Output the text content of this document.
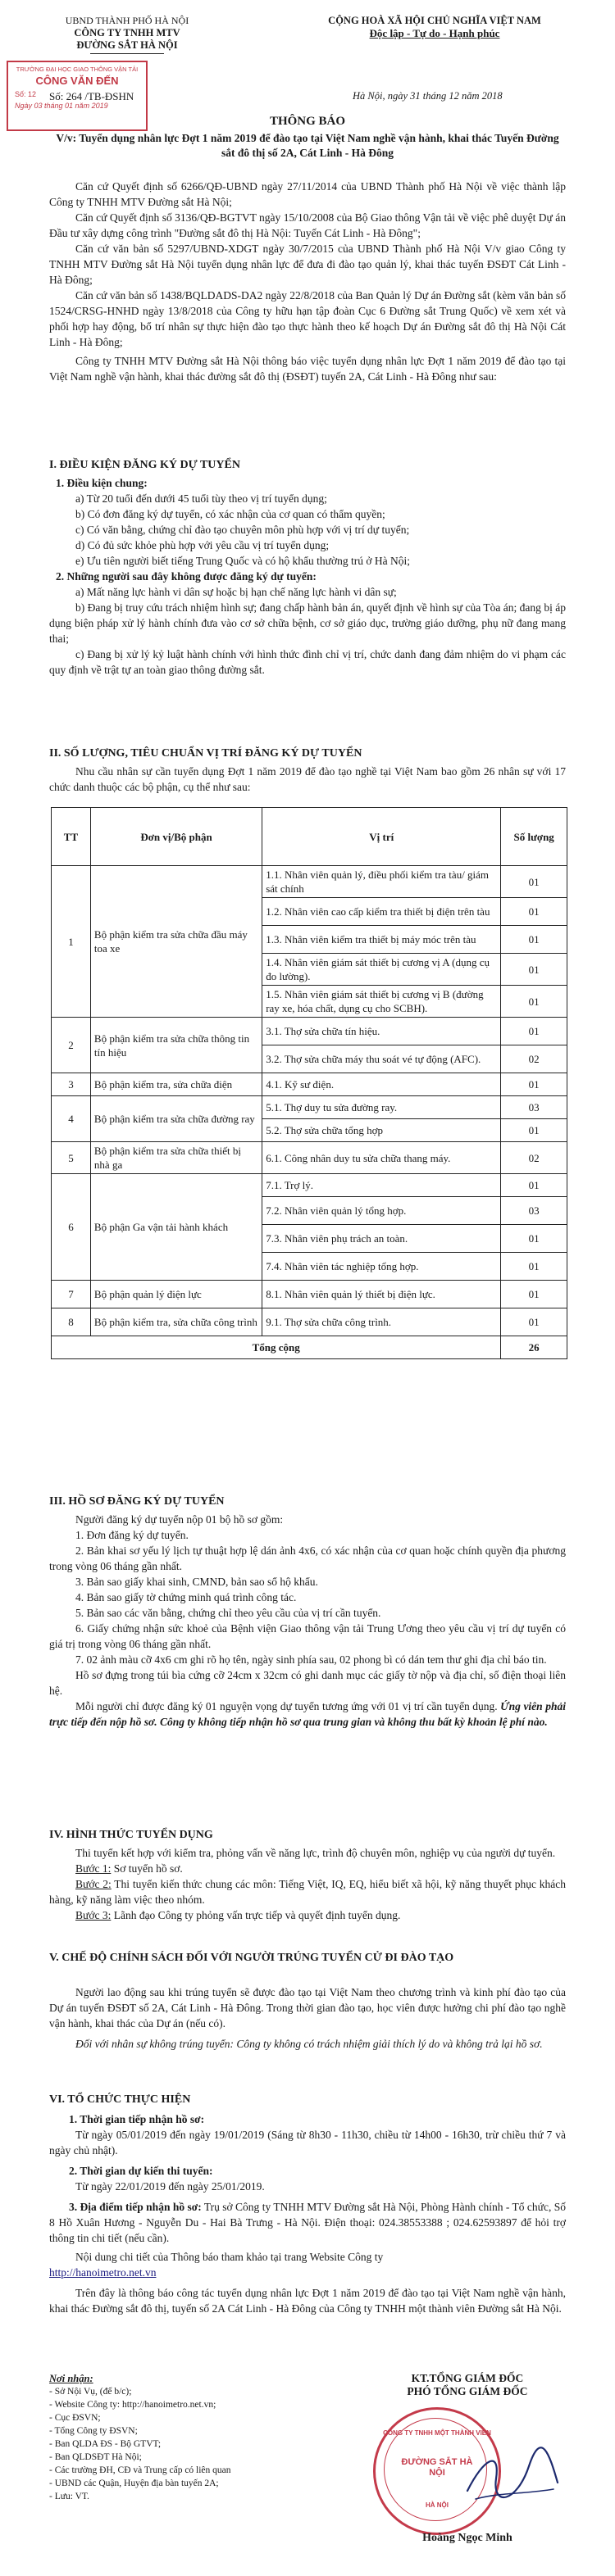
UBND THÀNH PHỐ HÀ NỘI
CÔNG TY TNHH MTV
ĐƯỜNG SẮT HÀ NỘI
TRƯỜNG ĐẠI HỌC GIAO THÔNG VẬN TẢI
CÔNG VĂN ĐẾN
Số: 12
Ngày 03 tháng 01 năm 2019
Số: 264 /TB-ĐSHN
CỘNG HOÀ XÃ HỘI CHỦ NGHĨA VIỆT NAM
Độc lập - Tự do - Hạnh phúc
Hà Nội, ngày 31 tháng 12 năm 2018
THÔNG BÁO
V/v: Tuyển dụng nhân lực Đợt 1 năm 2019 để đào tạo tại Việt Nam nghề vận hành, khai thác Tuyến Đường sắt đô thị số 2A, Cát Linh - Hà Đông
Căn cứ Quyết định số 6266/QĐ-UBND ngày 27/11/2014 của UBND Thành phố Hà Nội về việc thành lập Công ty TNHH MTV Đường sắt Hà Nội;
Căn cứ Quyết định số 3136/QĐ-BGTVT ngày 15/10/2008 của Bộ Giao thông Vận tải về việc phê duyệt Dự án Đầu tư xây dựng công trình "Đường sắt đô thị Hà Nội: Tuyến Cát Linh - Hà Đông";
Căn cứ văn bản số 5297/UBND-XDGT ngày 30/7/2015 của UBND Thành phố Hà Nội V/v giao Công ty TNHH MTV Đường sắt Hà Nội tuyển dụng nhân lực để đưa đi đào tạo quản lý, khai thác tuyến ĐSĐT Cát Linh - Hà Đông;
Căn cứ văn bản số 1438/BQLDADS-DA2 ngày 22/8/2018 của Ban Quản lý Dự án Đường sắt (kèm văn bản số 1524/CRSG-HNHD ngày 13/8/2018 của Công ty hữu hạn tập đoàn Cục 6 Đường sắt Trung Quốc) về xem xét và phối hợp hay động, bổ trí nhân sự thực hiện đào tạo thực hành theo kế hoạch Dự án Đường sắt đô thị Hà Nội Cát Linh - Hà Đông;
Công ty TNHH MTV Đường sắt Hà Nội thông báo việc tuyển dụng nhân lực Đợt 1 năm 2019 để đào tạo tại Việt Nam nghề vận hành, khai thác đường sắt đô thị (ĐSĐT) tuyến 2A, Cát Linh - Hà Đông như sau:
I. ĐIỀU KIỆN ĐĂNG KÝ DỰ TUYỂN
1. Điều kiện chung:
a) Từ 20 tuổi đến dưới 45 tuổi tùy theo vị trí tuyển dụng;
b) Có đơn đăng ký dự tuyển, có xác nhận của cơ quan có thẩm quyền;
c) Có văn bằng, chứng chỉ đào tạo chuyên môn phù hợp với vị trí dự tuyển;
d) Có đủ sức khỏe phù hợp với yêu cầu vị trí tuyển dụng;
e) Ưu tiên người biết tiếng Trung Quốc và có hộ khẩu thường trú ở Hà Nội;
2. Những người sau đây không được đăng ký dự tuyển:
a) Mất năng lực hành vi dân sự hoặc bị hạn chế năng lực hành vi dân sự;
b) Đang bị truy cứu trách nhiệm hình sự; đang chấp hành bản án, quyết định về hình sự của Tòa án; đang bị áp dụng biện pháp xử lý hành chính đưa vào cơ sở chữa bệnh, cơ sở giáo dục, trường giáo dưỡng, phụ nữ đang mang thai;
c) Đang bị xử lý kỷ luật hành chính với hình thức đình chỉ vị trí, chức danh đang đảm nhiệm do vi phạm các quy định về trật tự an toàn giao thông đường sắt.
II. SỐ LƯỢNG, TIÊU CHUẨN VỊ TRÍ ĐĂNG KÝ DỰ TUYỂN
Nhu cầu nhân sự cần tuyển dụng Đợt 1 năm 2019 để đào tạo nghề tại Việt Nam bao gồm 26 nhân sự với 17 chức danh thuộc các bộ phận, cụ thể như sau:
TT	Đơn vị/Bộ phận	Vị trí	Số lượng
1	Bộ phận kiểm tra sửa chữa đầu máy toa xe	1.1. Nhân viên quản lý, điều phối kiểm tra tàu/ giám sát chính	01
		1.2. Nhân viên cao cấp kiểm tra thiết bị điện trên tàu	01
		1.3. Nhân viên kiểm tra thiết bị máy móc trên tàu	01
		1.4. Nhân viên giám sát thiết bị cương vị A (dụng cụ đo lường).	01
		1.5. Nhân viên giám sát thiết bị cương vị B (đường ray xe, hóa chất, dụng cụ cho SCBH).	01
2	Bộ phận kiểm tra sửa chữa thông tin tín hiệu	3.1. Thợ sửa chữa tín hiệu.	01
		3.2. Thợ sửa chữa máy thu soát vé tự động (AFC).	02
3	Bộ phận kiểm tra, sửa chữa điện	4.1. Kỹ sư điện.	01
4	Bộ phận kiểm tra sửa chữa đường ray	5.1. Thợ duy tu sửa đường ray.	03
		5.2. Thợ sửa chữa tổng hợp	01
5	Bộ phận kiểm tra sửa chữa thiết bị nhà ga	6.1. Công nhân duy tu sửa chữa thang máy.	02
6	Bộ phận Ga vận tải hành khách	7.1. Trợ lý.	01
		7.2. Nhân viên quản lý tổng hợp.	03
		7.3. Nhân viên phụ trách an toàn.	01
		7.4. Nhân viên tác nghiệp tổng hợp.	01
7	Bộ phận quản lý điện lực	8.1. Nhân viên quản lý thiết bị điện lực.	01
8	Bộ phận kiểm tra, sửa chữa công trình	9.1. Thợ sửa chữa công trình.	01
Tổng cộng			26
III. HỒ SƠ ĐĂNG KÝ DỰ TUYỂN
Người đăng ký dự tuyển nộp 01 bộ hồ sơ gồm:
1. Đơn đăng ký dự tuyển.
2. Bản khai sơ yếu lý lịch tự thuật hợp lệ dán ảnh 4x6, có xác nhận của cơ quan hoặc chính quyền địa phương trong vòng 06 tháng gần nhất.
3. Bản sao giấy khai sinh, CMND, bản sao sổ hộ khẩu.
4. Bản sao giấy tờ chứng minh quá trình công tác.
5. Bản sao các văn bằng, chứng chỉ theo yêu cầu của vị trí cần tuyển.
6. Giấy chứng nhận sức khoẻ của Bệnh viện Giao thông vận tải Trung Ương theo yêu cầu vị trí dự tuyển có giá trị trong vòng 06 tháng gần nhất.
7. 02 ảnh màu cỡ 4x6 cm ghi rõ họ tên, ngày sinh phía sau, 02 phong bì có dán tem thư ghi địa chỉ báo tin.
Hồ sơ đựng trong túi bìa cứng cỡ 24cm x 32cm có ghi danh mục các giấy tờ nộp và địa chỉ, số điện thoại liên hệ.
Mỗi người chỉ được đăng ký 01 nguyện vọng dự tuyển tương ứng với 01 vị trí cần tuyển dụng. Ứng viên phải trực tiếp đến nộp hồ sơ. Công ty không tiếp nhận hồ sơ qua trung gian và không thu bất kỳ khoản lệ phí nào.
IV. HÌNH THỨC TUYỂN DỤNG
Thi tuyển kết hợp với kiểm tra, phỏng vấn về năng lực, trình độ chuyên môn, nghiệp vụ của người dự tuyển.
Bước 1: Sơ tuyển hồ sơ.
Bước 2: Thi tuyển kiến thức chung các môn: Tiếng Việt, IQ, EQ, hiểu biết xã hội, kỹ năng thuyết phục khách hàng, kỹ năng làm việc theo nhóm.
Bước 3: Lãnh đạo Công ty phỏng vấn trực tiếp và quyết định tuyển dụng.
V. CHẾ ĐỘ CHÍNH SÁCH ĐỐI VỚI NGƯỜI TRÚNG TUYỂN CỬ ĐI ĐÀO TẠO
Người lao động sau khi trúng tuyển sẽ được đào tạo tại Việt Nam theo chương trình và kinh phí đào tạo của Dự án tuyến ĐSĐT số 2A, Cát Linh - Hà Đông. Trong thời gian đào tạo, học viên được hưởng chi phí đào tạo nghề vận hành, khai thác của Dự án (nếu có).
Đối với nhân sự không trúng tuyển: Công ty không có trách nhiệm giải thích lý do và không trả lại hồ sơ.
VI. TỔ CHỨC THỰC HIỆN
1. Thời gian tiếp nhận hồ sơ:
Từ ngày 05/01/2019 đến ngày 19/01/2019 (Sáng từ 8h30 - 11h30, chiều từ 14h00 - 16h30, trừ chiều thứ 7 và ngày chủ nhật).
2. Thời gian dự kiến thi tuyển:
Từ ngày 22/01/2019 đến ngày 25/01/2019.
3. Địa điểm tiếp nhận hồ sơ: Trụ sở Công ty TNHH MTV Đường sắt Hà Nội, Phòng Hành chính - Tổ chức, Số 8 Hồ Xuân Hương - Nguyễn Du - Hai Bà Trưng - Hà Nội. Điện thoại: 024.38553388 ; 024.62593897 để hỏi trợ thông tin chi tiết (nếu cần).
Nội dung chi tiết của Thông báo tham khảo tại trang Website Công ty
http://hanoimetro.net.vn
Trên đây là thông báo công tác tuyển dụng nhân lực Đợt 1 năm 2019 để đào tạo tại Việt Nam nghề vận hành, khai thác Đường sắt đô thị, tuyến số 2A Cát Linh - Hà Đông của Công ty TNHH một thành viên Đường sắt Hà Nội.
Nơi nhận:
- Sở Nội Vụ, (để b/c);
- Website Công ty: http://hanoimetro.net.vn;
- Cục ĐSVN;
- Tổng Công ty ĐSVN;
- Ban QLDA ĐS - Bộ GTVT;
- Ban QLDSĐT Hà Nội;
- Các trường ĐH, CĐ và Trung cấp có liên quan
- UBND các Quận, Huyện địa bàn tuyến 2A;
- Lưu: VT.
KT.TỔNG GIÁM ĐỐC
PHÓ TỔNG GIÁM ĐỐC
CÔNG TY TNHH MỘT THÀNH VIÊN
ĐƯỜNG SẮT HÀ NỘI
HÀ NỘI
Hoàng Ngọc Minh
